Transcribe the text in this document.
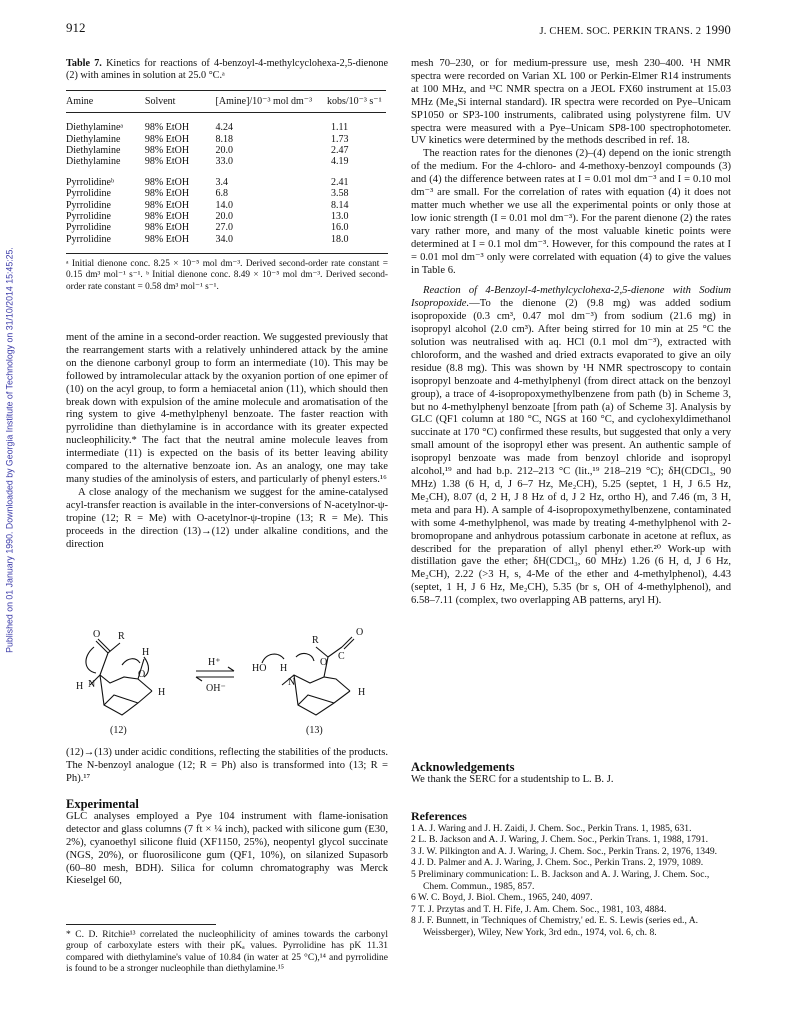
912	J. CHEM. SOC. PERKIN TRANS. 2 1990
Published on 01 January 1990. Downloaded by Georgia Institute of Technology on 31/10/2014 15:45:25.

Table 7. Kinetics for reactions of 4-benzoyl-4-methylcyclohexa-2,5-dienone (2) with amines in solution at 25.0 °C.ᵃ

Amine	Solvent	[Amine]/10⁻³ mol dm⁻³	kobs/10⁻³ s⁻¹
Diethylamineᵃ	98% EtOH	4.24	1.11
Diethylamine	98% EtOH	8.18	1.73
Diethylamine	98% EtOH	20.0	2.47
Diethylamine	98% EtOH	33.0	4.19
Pyrrolidineᵇ	98% EtOH	3.4	2.41
Pyrrolidine	98% EtOH	6.8	3.58
Pyrrolidine	98% EtOH	14.0	8.14
Pyrrolidine	98% EtOH	20.0	13.0
Pyrrolidine	98% EtOH	27.0	16.0
Pyrrolidine	98% EtOH	34.0	18.0

ᵃ Initial dienone conc. 8.25 × 10⁻⁵ mol dm⁻³. Derived second-order rate constant = 0.15 dm³ mol⁻¹ s⁻¹. ᵇ Initial dienone conc. 8.49 × 10⁻⁵ mol dm⁻³. Derived second-order rate constant = 0.58 dm³ mol⁻¹ s⁻¹.

ment of the amine in a second-order reaction. We suggested previously that the rearrangement starts with a relatively unhindered attack by the amine on the dienone carbonyl group to form an intermediate (10). This may be followed by intramolecular attack by the oxyanion portion of one epimer of (10) on the acyl group, to form a hemiacetal anion (11), which should then break down with expulsion of the amine molecule and aromatisation of the ring system to give 4-methylphenyl benzoate. The faster reaction with pyrrolidine than diethylamine is in accordance with its greater expected nucleophilicity.* The fact that the neutral amine molecule leaves from intermediate (11) is expected on the basis of its better leaving ability compared to the alternative benzoate ion. As an analogy, one may take many studies of the aminolysis of esters, and particularly of phenyl esters.¹⁶

A close analogy of the mechanism we suggest for the amine-catalysed acyl-transfer reaction is available in the inter-conversions of N-acetylnor-ψ-tropine (12; R = Me) with O-acetylnor-ψ-tropine (13; R = Me). This proceeds in the direction (13)→(12) under alkaline conditions, and the direction

O R
H N
H
O
H
HO H
N
R
C
O
O
H
H⁺
OH⁻
(12)	(13)

(12)→(13) under acidic conditions, reflecting the stabilities of the products. The N-benzoyl analogue (12; R = Ph) also is transformed into (13; R = Ph).¹⁷

Experimental

GLC analyses employed a Pye 104 instrument with flame-ionisation detector and glass columns (7 ft × ¼ inch), packed with silicone gum (E30, 2%), cyanoethyl silicone fluid (XF1150, 25%), neopentyl glycol succinate (NGS, 20%), or fluorosilicone gum (QF1, 10%), on silanized Supasorb (60–80 mesh, BDH). Silica for column chromatography was Merck Kieselgel 60,

* C. D. Ritchie¹³ correlated the nucleophilicity of amines towards the carbonyl group of carboxylate esters with their pKₐ values. Pyrrolidine has pK 11.31 compared with diethylamine's value of 10.84 (in water at 25 °C),¹⁴ and pyrrolidine is found to be a stronger nucleophile than diethylamine.¹⁵

mesh 70–230, or for medium-pressure use, mesh 230–400. ¹H NMR spectra were recorded on Varian XL 100 or Perkin-Elmer R14 instruments at 100 MHz, and ¹³C NMR spectra on a JEOL FX60 instrument at 15.03 MHz (Me₄Si internal standard). IR spectra were recorded on Pye–Unicam SP1050 or SP3-100 instruments, calibrated using polystyrene film. UV spectra were measured with a Pye–Unicam SP8-100 spectrophotometer. UV kinetics were determined by the methods described in ref. 18.

The reaction rates for the dienones (2)–(4) depend on the ionic strength of the medium. For the 4-chloro- and 4-methoxy-benzoyl compounds (3) and (4) the difference between rates at I = 0.01 mol dm⁻³ and I = 0.10 mol dm⁻³ are small. For the correlation of rates with equation (4) it does not matter much whether we use all the experimental points or only those at low ionic strength (I = 0.01 mol dm⁻³). For the parent dienone (2) the rates vary rather more, and many of the most valuable kinetic points were determined at I = 0.1 mol dm⁻³. However, for this compound the rates at I = 0.01 mol dm⁻³ only were correlated with equation (4) to give the values in Table 6.

Reaction of 4-Benzoyl-4-methylcyclohexa-2,5-dienone with Sodium Isopropoxide.—To the dienone (2) (9.8 mg) was added sodium isopropoxide (0.3 cm³, 0.47 mol dm⁻³) from sodium (21.6 mg) in isopropyl alcohol (2.0 cm³). After being stirred for 10 min at 25 °C the solution was neutralised with aq. HCl (0.1 mol dm⁻³), extracted with chloroform, and the washed and dried extracts evaporated to give an oily residue (8.8 mg). This was shown by ¹H NMR spectroscopy to contain isopropyl benzoate and 4-methylphenyl (from direct attack on the benzoyl group), a trace of 4-isopropoxymethylbenzene from path (b) in Scheme 3, but no 4-methylphenyl benzoate [from path (a) of Scheme 3]. Analysis by GLC (QF1 column at 180 °C, NGS at 160 °C, and cyclohexyldimethanol succinate at 170 °C) confirmed these results, but suggested that only a very small amount of the isopropyl ether was present. An authentic sample of isopropyl benzoate was made from benzoyl chloride and isopropyl alcohol,¹⁹ and had b.p. 212–213 °C (lit.,¹⁹ 218–219 °C); δH(CDCl₃, 90 MHz) 1.38 (6 H, d, J 6–7 Hz, Me₂CH), 5.25 (septet, 1 H, J 6.5 Hz, Me₂CH), 8.07 (d, 2 H, J 8 Hz of d, J 2 Hz, ortho H), and 7.46 (m, 3 H, meta and para H). A sample of 4-isopropoxymethylbenzene, contaminated with some 4-methylphenol, was made by treating 4-methylphenol with 2-bromopropane and anhydrous potassium carbonate in acetone at reflux, as described for the preparation of allyl phenyl ether.²⁰ Work-up with distillation gave the ether; δH(CDCl₃, 60 MHz) 1.26 (6 H, d, J 6 Hz, Me₂CH), 2.22 (>3 H, s, 4-Me of the ether and 4-methylphenol), 4.43 (septet, 1 H, J 6 Hz, Me₂CH), 5.35 (br s, OH of 4-methylphenol), and 6.58–7.11 (complex, two overlapping AB patterns, aryl H).

Acknowledgements

We thank the SERC for a studentship to L. B. J.

References

1 A. J. Waring and J. H. Zaidi, J. Chem. Soc., Perkin Trans. 1, 1985, 631.

2 L. B. Jackson and A. J. Waring, J. Chem. Soc., Perkin Trans. 1, 1988, 1791.

3 J. W. Pilkington and A. J. Waring, J. Chem. Soc., Perkin Trans. 2, 1976, 1349.

4 J. D. Palmer and A. J. Waring, J. Chem. Soc., Perkin Trans. 2, 1979, 1089.

5 Preliminary communication: L. B. Jackson and A. J. Waring, J. Chem. Soc., Chem. Commun., 1985, 857.

6 W. C. Boyd, J. Biol. Chem., 1965, 240, 4097.

7 T. J. Przytas and T. H. Fife, J. Am. Chem. Soc., 1981, 103, 4884.

8 J. F. Bunnett, in 'Techniques of Chemistry,' ed. E. S. Lewis (series ed., A. Weissberger), Wiley, New York, 3rd edn., 1974, vol. 6, ch. 8.
